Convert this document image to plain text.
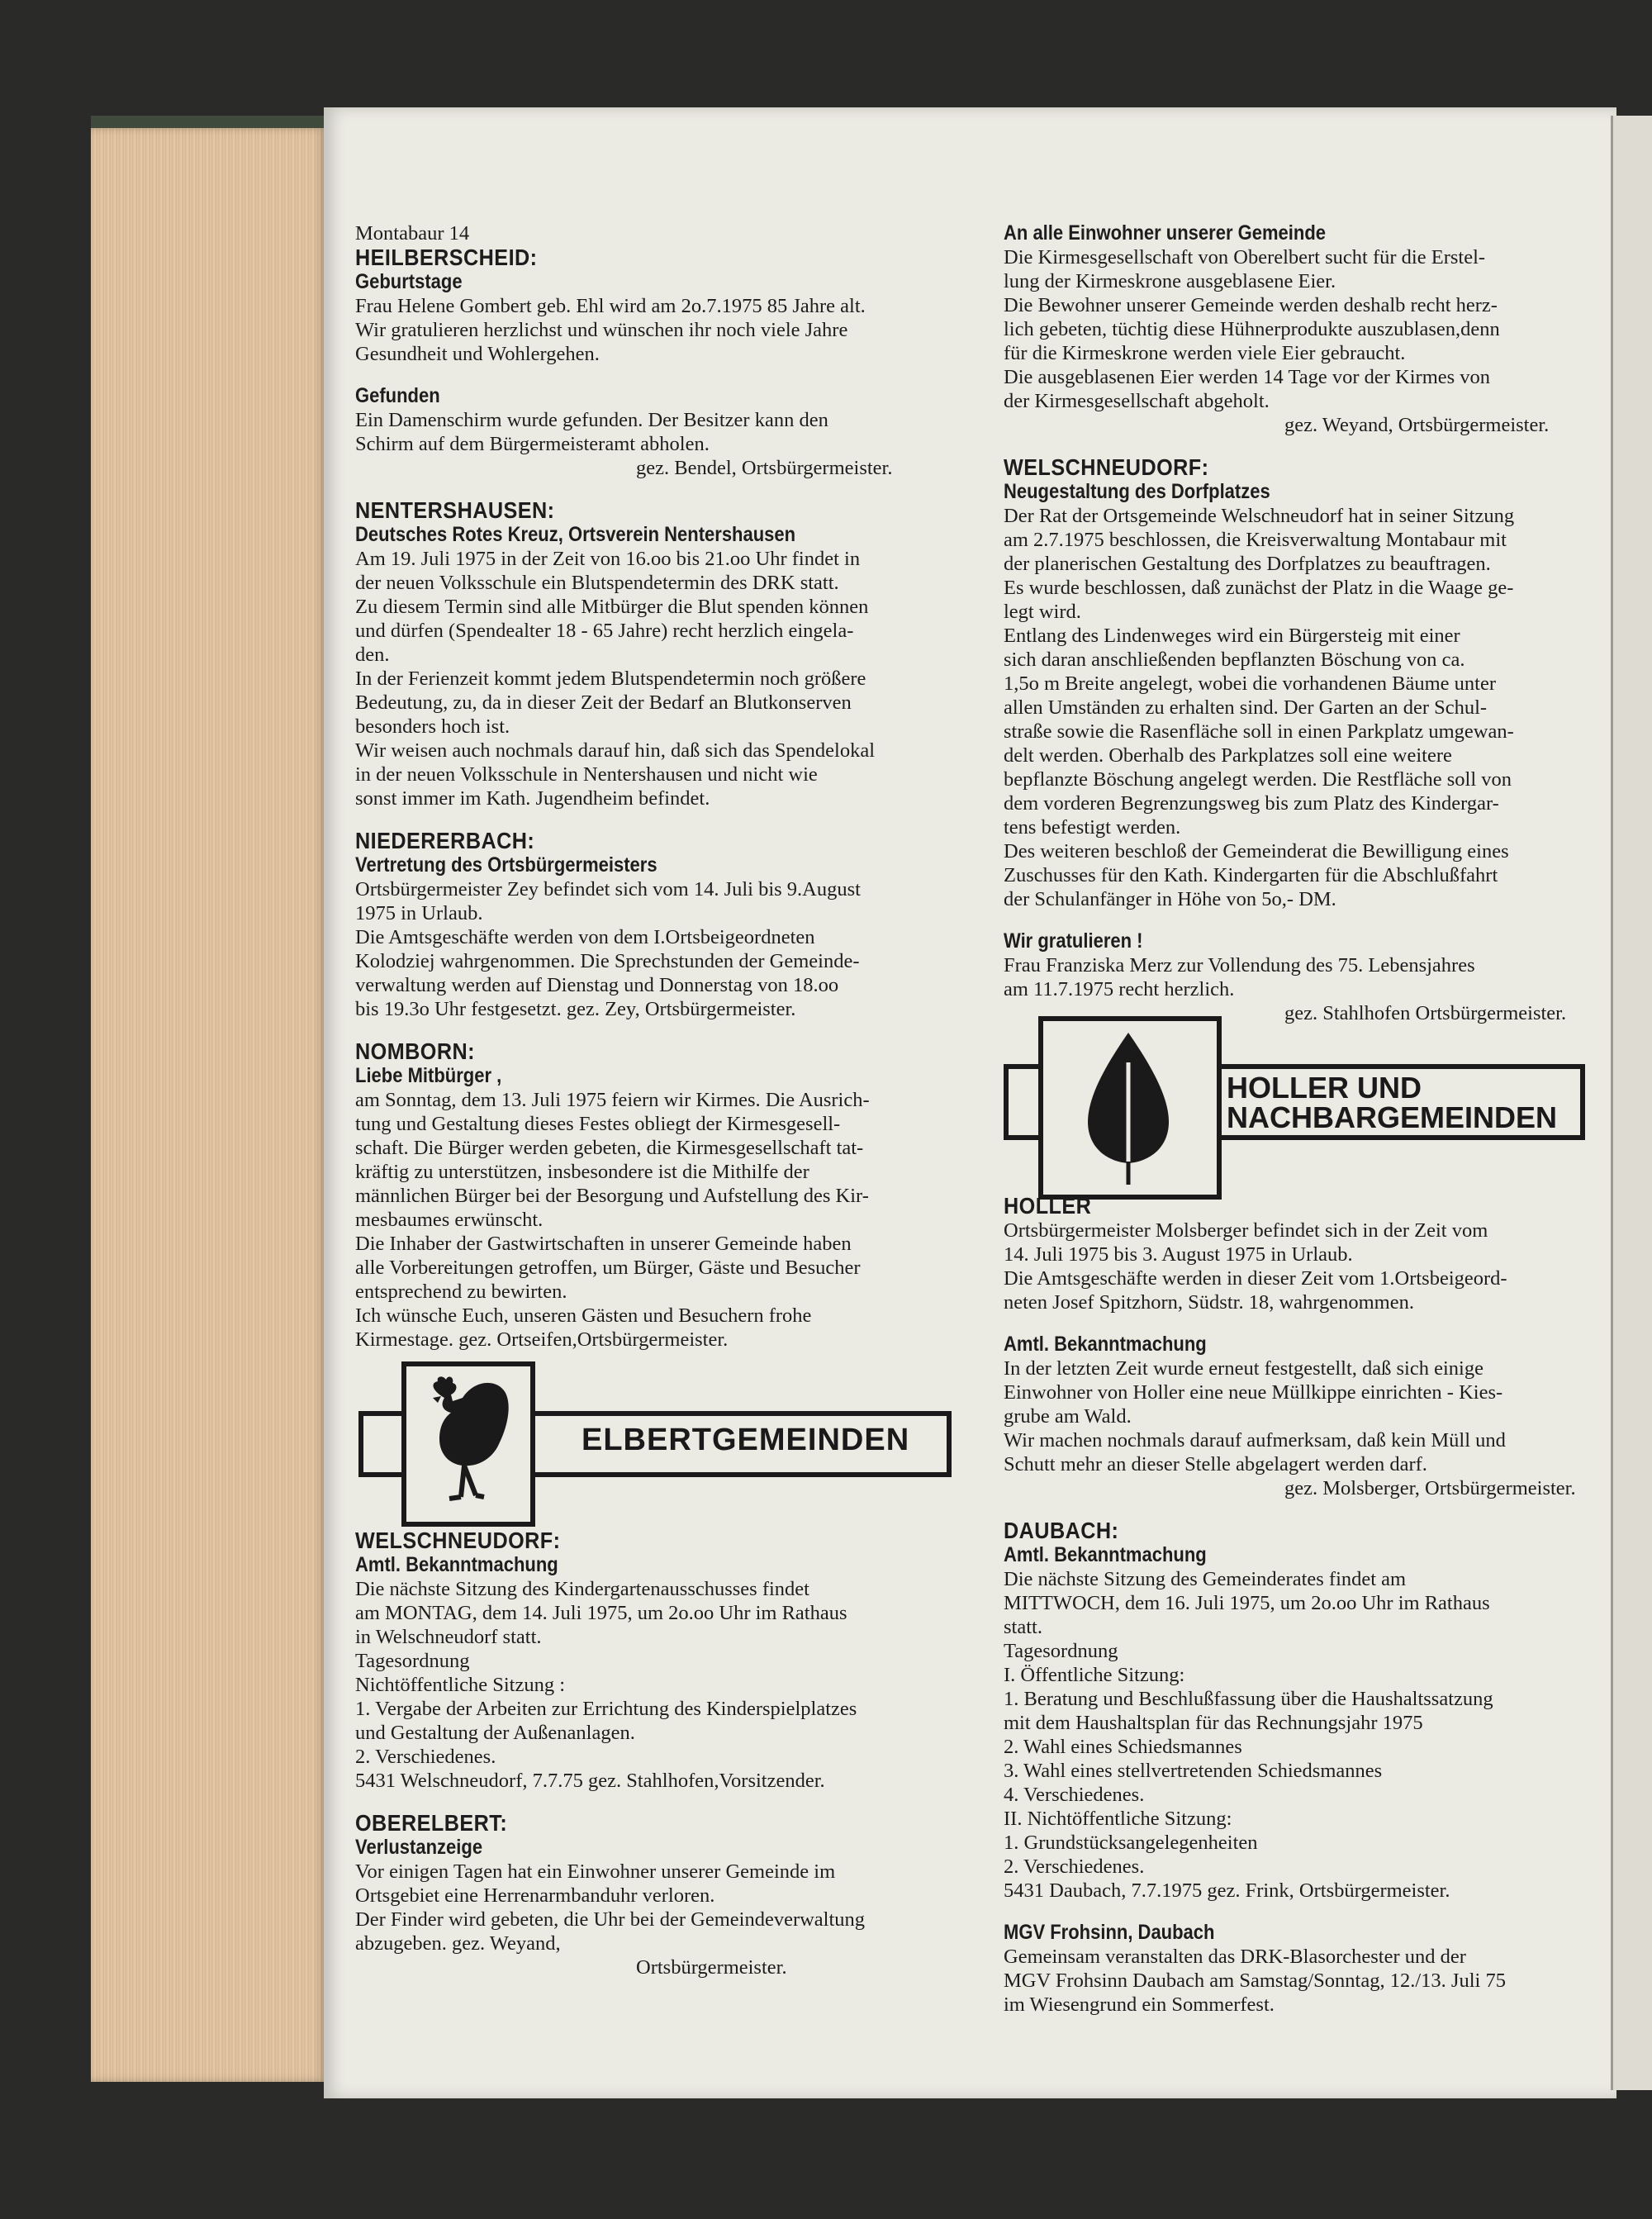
Montabaur 14
HEILBERSCHEID:
Geburtstage
Frau Helene Gombert geb. Ehl wird am 2o.7.1975 85 Jahre alt.
Wir gratulieren herzlichst und wünschen ihr noch viele Jahre
Gesundheit und Wohlergehen.
Gefunden
Ein Damenschirm wurde gefunden. Der Besitzer kann den
Schirm auf dem Bürgermeisteramt abholen.
gez. Bendel, Ortsbürgermeister.
NENTERSHAUSEN:
Deutsches Rotes Kreuz, Ortsverein Nentershausen
Am 19. Juli 1975 in der Zeit von 16.oo bis 21.oo Uhr findet in
der neuen Volksschule ein Blutspendetermin des DRK statt.
Zu diesem Termin sind alle Mitbürger die Blut spenden können
und dürfen (Spendealter 18 - 65 Jahre) recht herzlich eingela-
den.
In der Ferienzeit kommt jedem Blutspendetermin noch größere
Bedeutung, zu, da in dieser Zeit der Bedarf an Blutkonserven
besonders hoch ist.
Wir weisen auch nochmals darauf hin, daß sich das Spendelokal
in der neuen Volksschule in Nentershausen und nicht wie
sonst immer im Kath. Jugendheim befindet.
NIEDERERBACH:
Vertretung des Ortsbürgermeisters
Ortsbürgermeister Zey befindet sich vom 14. Juli bis 9.August
1975 in Urlaub.
Die Amtsgeschäfte werden von dem I.Ortsbeigeordneten
Kolodziej wahrgenommen. Die Sprechstunden der Gemeinde-
verwaltung werden auf Dienstag und Donnerstag von 18.oo
bis 19.3o Uhr festgesetzt. gez. Zey, Ortsbürgermeister.
NOMBORN:
Liebe Mitbürger ,
am Sonntag, dem 13. Juli 1975 feiern wir Kirmes. Die Ausrich-
tung und Gestaltung dieses Festes obliegt der Kirmesgesell-
schaft. Die Bürger werden gebeten, die Kirmesgesellschaft tat-
kräftig zu unterstützen, insbesondere ist die Mithilfe der
männlichen Bürger bei der Besorgung und Aufstellung des Kir-
mesbaumes erwünscht.
Die Inhaber der Gastwirtschaften in unserer Gemeinde haben
alle Vorbereitungen getroffen, um Bürger, Gäste und Besucher
entsprechend zu bewirten.
Ich wünsche Euch, unseren Gästen und Besuchern frohe
Kirmestage. gez. Ortseifen,Ortsbürgermeister.
ELBERTGEMEINDEN
WELSCHNEUDORF:
Amtl. Bekanntmachung
Die nächste Sitzung des Kindergartenausschusses findet
am MONTAG, dem 14. Juli 1975, um 2o.oo Uhr im Rathaus
in Welschneudorf statt.
Tagesordnung
Nichtöffentliche Sitzung :
1. Vergabe der Arbeiten zur Errichtung des Kinderspielplatzes
und Gestaltung der Außenanlagen.
2. Verschiedenes.
5431 Welschneudorf, 7.7.75 gez. Stahlhofen,Vorsitzender.
OBERELBERT:
Verlustanzeige
Vor einigen Tagen hat ein Einwohner unserer Gemeinde im
Ortsgebiet eine Herrenarmbanduhr verloren.
Der Finder wird gebeten, die Uhr bei der Gemeindeverwaltung
abzugeben. gez. Weyand,
Ortsbürgermeister.
An alle Einwohner unserer Gemeinde
Die Kirmesgesellschaft von Oberelbert sucht für die Erstel-
lung der Kirmeskrone ausgeblasene Eier.
Die Bewohner unserer Gemeinde werden deshalb recht herz-
lich gebeten, tüchtig diese Hühnerprodukte auszublasen,denn
für die Kirmeskrone werden viele Eier gebraucht.
Die ausgeblasenen Eier werden 14 Tage vor der Kirmes von
der Kirmesgesellschaft abgeholt.
gez. Weyand, Ortsbürgermeister.
WELSCHNEUDORF:
Neugestaltung des Dorfplatzes
Der Rat der Ortsgemeinde Welschneudorf hat in seiner Sitzung
am 2.7.1975 beschlossen, die Kreisverwaltung Montabaur mit
der planerischen Gestaltung des Dorfplatzes zu beauftragen.
Es wurde beschlossen, daß zunächst der Platz in die Waage ge-
legt wird.
Entlang des Lindenweges wird ein Bürgersteig mit einer
sich daran anschließenden bepflanzten Böschung von ca.
1,5o m Breite angelegt, wobei die vorhandenen Bäume unter
allen Umständen zu erhalten sind. Der Garten an der Schul-
straße sowie die Rasenfläche soll in einen Parkplatz umgewan-
delt werden. Oberhalb des Parkplatzes soll eine weitere
bepflanzte Böschung angelegt werden. Die Restfläche soll von
dem vorderen Begrenzungsweg bis zum Platz des Kindergar-
tens befestigt werden.
Des weiteren beschloß der Gemeinderat die Bewilligung eines
Zuschusses für den Kath. Kindergarten für die Abschlußfahrt
der Schulanfänger in Höhe von 5o,- DM.
Wir gratulieren !
Frau Franziska Merz zur Vollendung des 75. Lebensjahres
am 11.7.1975 recht herzlich.
gez. Stahlhofen Ortsbürgermeister.
HOLLER UND
NACHBARGEMEINDEN
HOLLER
Ortsbürgermeister Molsberger befindet sich in der Zeit vom
14. Juli 1975 bis 3. August 1975 in Urlaub.
Die Amtsgeschäfte werden in dieser Zeit vom 1.Ortsbeigeord-
neten Josef Spitzhorn, Südstr. 18, wahrgenommen.
Amtl. Bekanntmachung
In der letzten Zeit wurde erneut festgestellt, daß sich einige
Einwohner von Holler eine neue Müllkippe einrichten - Kies-
grube am Wald.
Wir machen nochmals darauf aufmerksam, daß kein Müll und
Schutt mehr an dieser Stelle abgelagert werden darf.
gez. Molsberger, Ortsbürgermeister.
DAUBACH:
Amtl. Bekanntmachung
Die nächste Sitzung des Gemeinderates findet am
MITTWOCH, dem 16. Juli 1975, um 2o.oo Uhr im Rathaus
statt.
Tagesordnung
I. Öffentliche Sitzung:
1. Beratung und Beschlußfassung über die Haushaltssatzung
mit dem Haushaltsplan für das Rechnungsjahr 1975
2. Wahl eines Schiedsmannes
3. Wahl eines stellvertretenden Schiedsmannes
4. Verschiedenes.
II. Nichtöffentliche Sitzung:
1. Grundstücksangelegenheiten
2. Verschiedenes.
5431 Daubach, 7.7.1975 gez. Frink, Ortsbürgermeister.
MGV Frohsinn, Daubach
Gemeinsam veranstalten das DRK-Blasorchester und der
MGV Frohsinn Daubach am Samstag/Sonntag, 12./13. Juli 75
im Wiesengrund ein Sommerfest.
